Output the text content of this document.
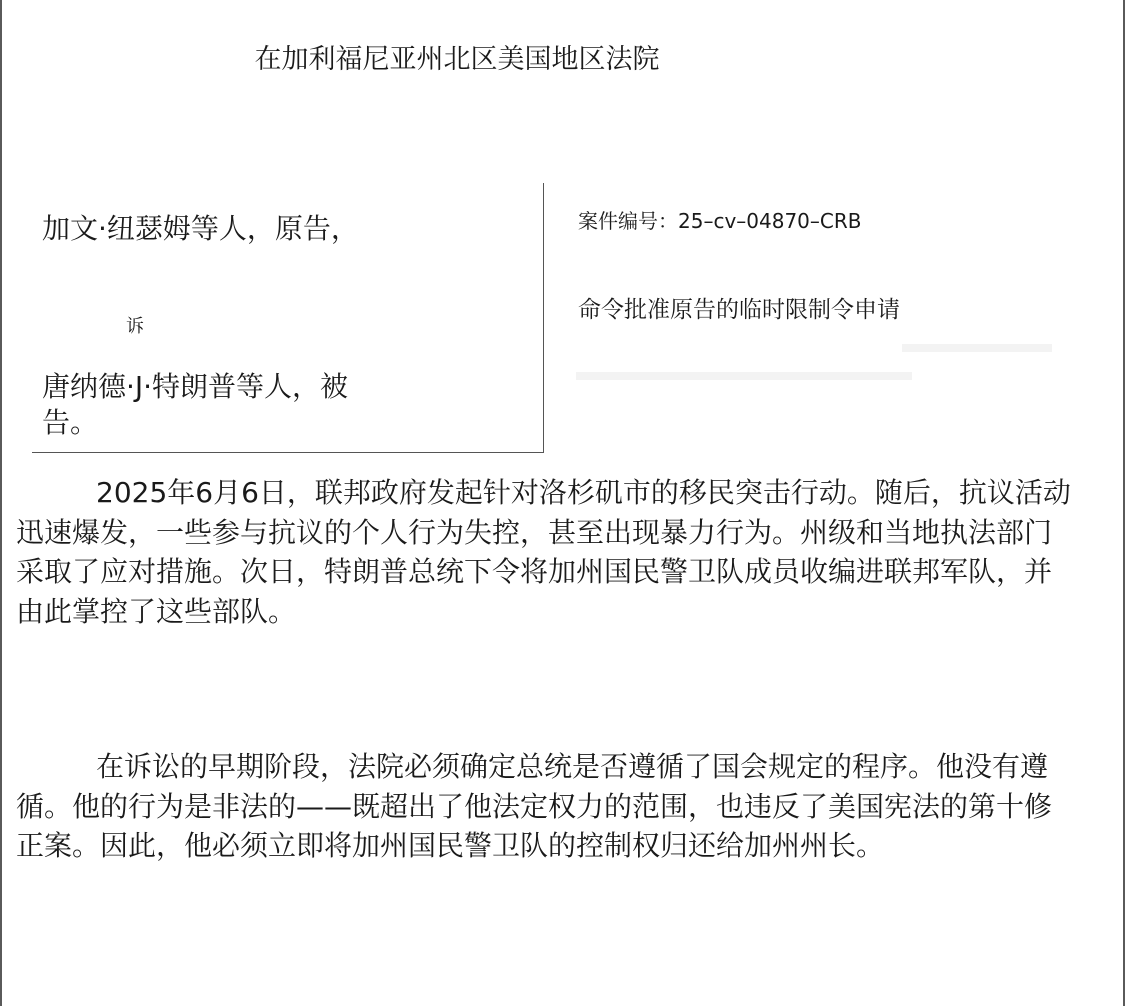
在加利福尼亚州北区美国地区法院

加文·纽瑟姆等人，原告，

诉

唐纳德·J·特朗普等人，被告。

案件编号：25–cv–04870–CRB
命令批准原告的临时限制令申请

2025年6月6日，联邦政府发起针对洛杉矶市的移民突击行动。随后，抗议活动迅速爆发，一些参与抗议的个人行为失控，甚至出现暴力行为。州级和当地执法部门采取了应对措施。次日，特朗普总统下令将加州国民警卫队成员收编进联邦军队，并由此掌控了这些部队。

在诉讼的早期阶段，法院必须确定总统是否遵循了国会规定的程序。他没有遵循。他的行为是非法的——既超出了他法定权力的范围，也违反了美国宪法的第十修正案。因此，他必须立即将加州国民警卫队的控制权归还给加州州长。
